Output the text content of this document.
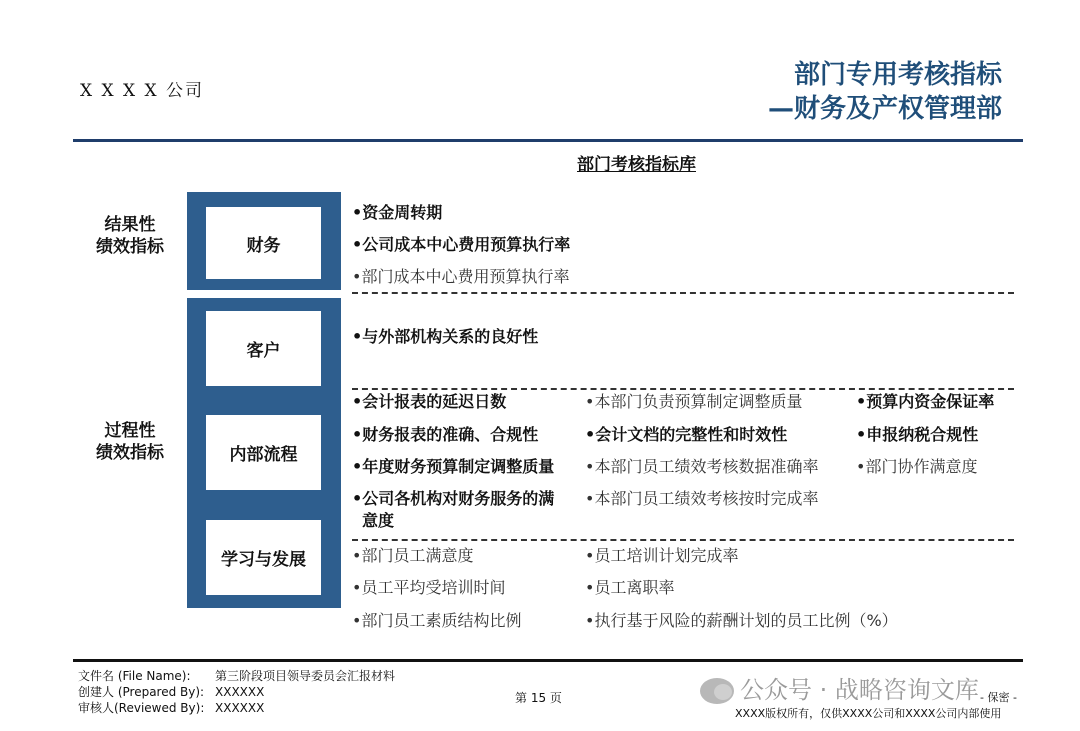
X X X X 公司
部门专用考核指标
—财务及产权管理部
部门考核指标库
结果性
绩效指标
过程性
绩效指标
财务
客户
内部流程
学习与发展
•资金周转期
•公司成本中心费用预算执行率
•部门成本中心费用预算执行率
•与外部机构关系的良好性
•会计报表的延迟日数
•财务报表的准确、合规性
•年度财务预算制定调整质量
•公司各机构对财务服务的满
意度
•本部门负责预算制定调整质量
•会计文档的完整性和时效性
•本部门员工绩效考核数据准确率
•本部门员工绩效考核按时完成率
•预算内资金保证率
•申报纳税合规性
•部门协作满意度
•部门员工满意度
•员工平均受培训时间
•部门员工素质结构比例
•员工培训计划完成率
•员工离职率
•执行基于风险的薪酬计划的员工比例（%）
文件名 (File Name): 第三阶段项目领导委员会汇报材料
创建人 (Prepared By): XXXXXX
审核人(Reviewed By): XXXXXX
第 15 页	公众号 · 战略咨询文库 - 保密 -
XXXX版权所有，仅供XXXX公司和XXXX公司内部使用
